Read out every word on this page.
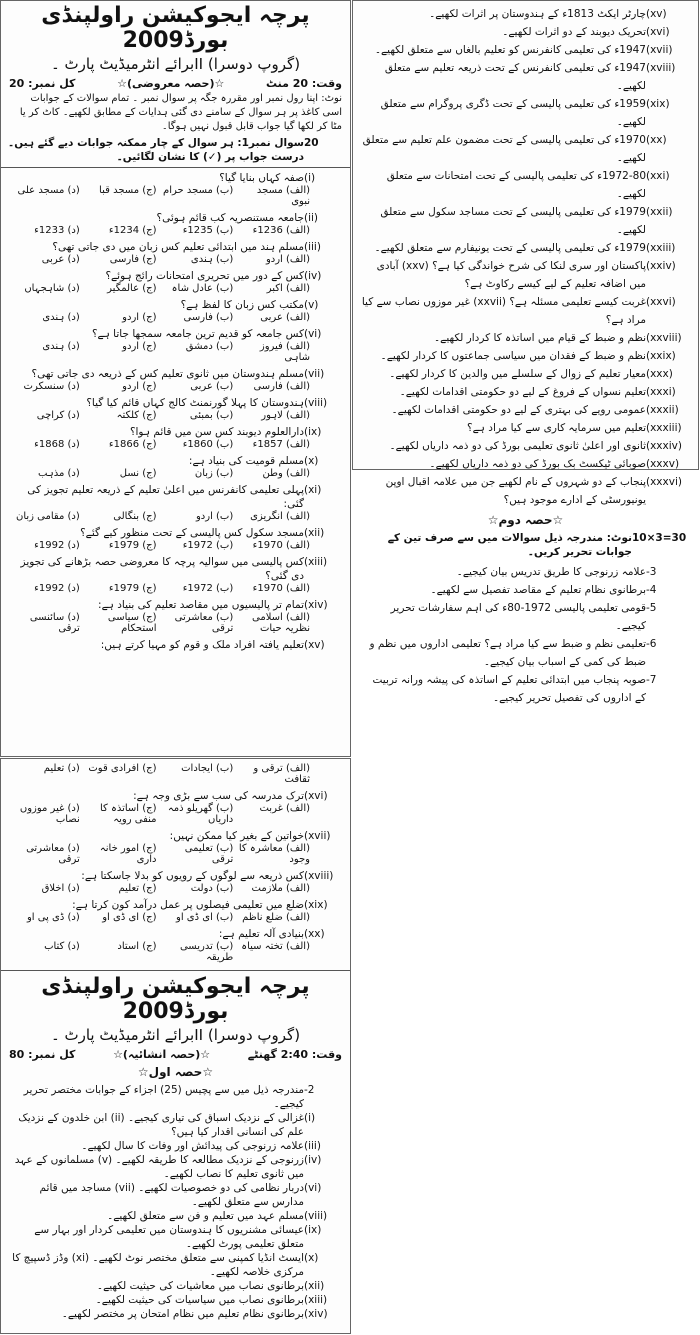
(xv)
چارٹر ایکٹ 1813ء کے ہندوستان پر اثرات لکھیے۔
(xvi)
تحریک دیوبند کے دو اثرات لکھیے۔
(xvii)
1947ء کی تعلیمی کانفرنس کو تعلیم بالغاں سے متعلق لکھیے۔
(xviii)
1947ء کی تعلیمی کانفرنس کے تحت ذریعہ تعلیم سے متعلق لکھیے۔
(xix)
1959ء کی تعلیمی پالیسی کے تحت ڈگری پروگرام سے متعلق لکھیے۔
(xx)
1970ء کی تعلیمی پالیسی کے تحت مضمون علم تعلیم سے متعلق لکھیے۔
(xxi)
1972-80ء کی تعلیمی پالیسی کے تحت امتحانات سے متعلق لکھیے۔
(xxii)
1979ء کی تعلیمی پالیسی کے تحت مساجد سکول سے متعلق لکھیے۔
(xxiii)
1979ء کی تعلیمی پالیسی کے تحت یونیفارم سے متعلق لکھیے۔
(xxiv)
پاکستان اور سری لنکا کی شرح خواندگی کیا ہے؟ (xxv) آبادی میں اضافہ تعلیم کے لیے کیسے رکاوٹ ہے؟
(xxvi)
غربت کیسے تعلیمی مسئلہ ہے؟ (xxvii) غیر موزوں نصاب سے کیا مراد ہے؟
(xxviii)
نظم و ضبط کے قیام میں اساتذہ کا کردار لکھیے۔
(xxix)
نظم و ضبط کے فقدان میں سیاسی جماعتوں کا کردار لکھیے۔
(xxx)
معیار تعلیم کے زوال کے سلسلے میں والدین کا کردار لکھیے۔
(xxxi)
تعلیم نسواں کے فروغ کے لیے دو حکومتی اقدامات لکھیے۔
(xxxii)
عمومی رویے کی بہتری کے لیے دو حکومتی اقدامات لکھیے۔
(xxxiii)
تعلیم میں سرمایہ کاری سے کیا مراد ہے؟
(xxxiv)
ثانوی اور اعلیٰ ثانوی تعلیمی بورڈ کی دو ذمہ داریاں لکھیے۔
(xxxv)
صوبائی ٹیکسٹ بک بورڈ کی دو ذمہ داریاں لکھیے۔
(xxxvi)
پنجاب کے دو شہروں کے نام لکھیے جن میں علامہ اقبال اوپن یونیورسٹی کے ادارے موجود ہیں؟
☆حصہ دوم☆
10×3=30
نوٹ: مندرجہ ذیل سوالات میں سے صرف تین کے جوابات تحریر کریں۔
-3
علامہ زرنوجی کا طریق تدریس بیان کیجیے۔
-4
برطانوی نظام تعلیم کے مقاصد تفصیل سے لکھیے۔
-5
قومی تعلیمی پالیسی 1972-80ء کی اہم سفارشات تحریر کیجیے۔
-6
تعلیمی نظم و ضبط سے کیا مراد ہے؟ تعلیمی اداروں میں نظم و ضبط کی کمی کے اسباب بیان کیجیے۔
-7
صوبہ پنجاب میں ابتدائی تعلیم کے اساتذہ کی پیشہ ورانہ تربیت کے اداروں کی تفصیل تحریر کیجیے۔
پرچہ ایجوکیشن راولپنڈی بورڈ2009
برائے انٹرمیڈیٹ پارٹ ۔II (گروپ دوسرا)
وقت: 20 منٹ
☆(حصہ معروضی)☆
کل نمبر: 20
نوٹ: اپنا رول نمبر اور مقررہ جگہ پر سوال نمبر ۔ تمام سوالات کے جوابات اسی کاغذ پر ہر سوال کے سامنے دی گئی ہدایات کے مطابق لکھیے۔ کاٹ کر یا مٹا کر لکھا گیا جواب قابل قبول نہیں ہوگا۔
20
سوال نمبر1: ہر سوال کے چار ممکنہ جوابات دیے گئے ہیں۔ درست جواب پر (✓) کا نشان لگائیں۔
(i)
صفہ کہاں بنایا گیا؟
(الف) مسجد نبوی
(ب) مسجد حرام
(ج) مسجد قبا
(د) مسجد علی
(ii)
جامعہ مستنصریہ کب قائم ہوئی؟
(الف) 1236ء
(ب) 1235ء
(ج) 1234ء
(د) 1233ء
(iii)
مسلم ہند میں ابتدائی تعلیم کس زبان میں دی جاتی تھی؟
(الف) اردو
(ب) ہندی
(ج) فارسی
(د) عربی
(iv)
کس کے دور میں تحریری امتحانات رائج ہوئے؟
(الف) اکبر
(ب) عادل شاہ
(ج) عالمگیر
(د) شاہجہاں
(v)
مکتب کس زبان کا لفظ ہے؟
(الف) عربی
(ب) فارسی
(ج) اردو
(د) ہندی
(vi)
کس جامعہ کو قدیم ترین جامعہ سمجھا جاتا ہے؟
(الف) فیروز شاہی
(ب) دمشق
(ج) اردو
(د) ہندی
(vii)
مسلم ہندوستان میں ثانوی تعلیم کس کے ذریعہ دی جاتی تھی؟
(الف) فارسی
(ب) عربی
(ج) اردو
(د) سنسکرت
(viii)
ہندوستان کا پہلا گورنمنٹ کالج کہاں قائم کیا گیا؟
(الف) لاہور
(ب) بمبئی
(ج) کلکتہ
(د) کراچی
(ix)
دارالعلوم دیوبند کس سن میں قائم ہوا؟
(الف) 1857ء
(ب) 1860ء
(ج) 1866ء
(د) 1868ء
(x)
مسلم قومیت کی بنیاد ہے:
(الف) وطن
(ب) زبان
(ج) نسل
(د) مذہب
(xi)
پہلی تعلیمی کانفرنس میں اعلیٰ تعلیم کے ذریعہ تعلیم تجویز کی گئی:
(الف) انگریزی
(ب) اردو
(ج) بنگالی
(د) مقامی زبان
(xii)
مسجد سکول کس پالیسی کے تحت منظور کیے گئے؟
(الف) 1970ء
(ب) 1972ء
(ج) 1979ء
(د) 1992ء
(xiii)
کس پالیسی میں سوالیہ پرچہ کا معروضی حصہ بڑھانے کی تجویز دی گئی؟
(الف) 1970ء
(ب) 1972ء
(ج) 1979ء
(د) 1992ء
(xiv)
تمام تر پالیسیوں میں مقاصد تعلیم کی بنیاد ہے:
(الف) اسلامی نظریہ حیات
(ب) معاشرتی ترقی
(ج) سیاسی استحکام
(د) سائنسی ترقی
(xv)
تعلیم یافتہ افراد ملک و قوم کو مہیا کرتے ہیں:
(الف) ترقی و ثقافت
(ب) ایجادات
(ج) افرادی قوت
(د) تعلیم
(xvi)
ترک مدرسہ کی سب سے بڑی وجہ ہے:
(الف) غربت
(ب) گھریلو ذمہ داریاں
(ج) اساتذہ کا منفی رویہ
(د) غیر موزوں نصاب
(xvii)
خواتین کے بغیر کیا ممکن نہیں:
(الف) معاشرہ کا وجود
(ب) تعلیمی ترقی
(ج) امور خانہ داری
(د) معاشرتی ترقی
(xviii)
کس ذریعہ سے لوگوں کے رویوں کو بدلا جاسکتا ہے:
(الف) ملازمت
(ب) دولت
(ج) تعلیم
(د) اخلاق
(xix)
ضلع میں تعلیمی فیصلوں پر عمل درآمد کون کرتا ہے:
(الف) ضلع ناظم
(ب) ای ڈی او
(ج) ای ڈی او
(د) ڈی پی او
(xx)
بنیادی آلہ تعلیم ہے:
(الف) تختہ سیاہ
(ب) تدریسی طریقہ
(ج) استاد
(د) کتاب
پرچہ ایجوکیشن راولپنڈی بورڈ2009
برائے انٹرمیڈیٹ پارٹ ۔II (گروپ دوسرا)
وقت: 2:40 گھنٹے
☆(حصہ انشائیہ)☆
کل نمبر: 80
☆حصہ اول☆
-2
مندرجہ ذیل میں سے پچیس (25) اجزاء کے جوابات مختصر تحریر کیجیے۔
(i)
غزالی کے نزدیک اسباق کی تیاری کیجیے۔ (ii) ابن خلدون کے نزدیک علم کی انسانی اقدار کیا ہیں؟
(iii)
علامہ زرنوجی کی پیدائش اور وفات کا سال لکھیے۔
(iv)
زرنوجی کے نزدیک مطالعہ کا طریقہ لکھیے۔ (v) مسلمانوں کے عہد میں ثانوی تعلیم کا نصاب لکھیے۔
(vi)
دربار نظامی کی دو خصوصیات لکھیے۔ (vii) مساجد میں قائم مدارس سے متعلق لکھیے۔
(viii)
مسلم عہد میں تعلیم و فن سے متعلق لکھیے۔
(ix)
عیسائی مشنریوں کا ہندوستان میں تعلیمی کردار اور بہار سے متعلق تعلیمی پورٹ لکھیے۔
(x)
ایسٹ انڈیا کمپنی سے متعلق مختصر نوٹ لکھیے۔ (xi) وڈز ڈسپیچ کا مرکزی خلاصہ لکھیے۔
(xii)
برطانوی نصاب میں معاشیات کی حیثیت لکھیے۔
(xiii)
برطانوی نصاب میں سیاسیات کی حیثیت لکھیے۔
(xiv)
برطانوی نظام تعلیم میں نظام امتحان پر مختصر لکھیے۔
